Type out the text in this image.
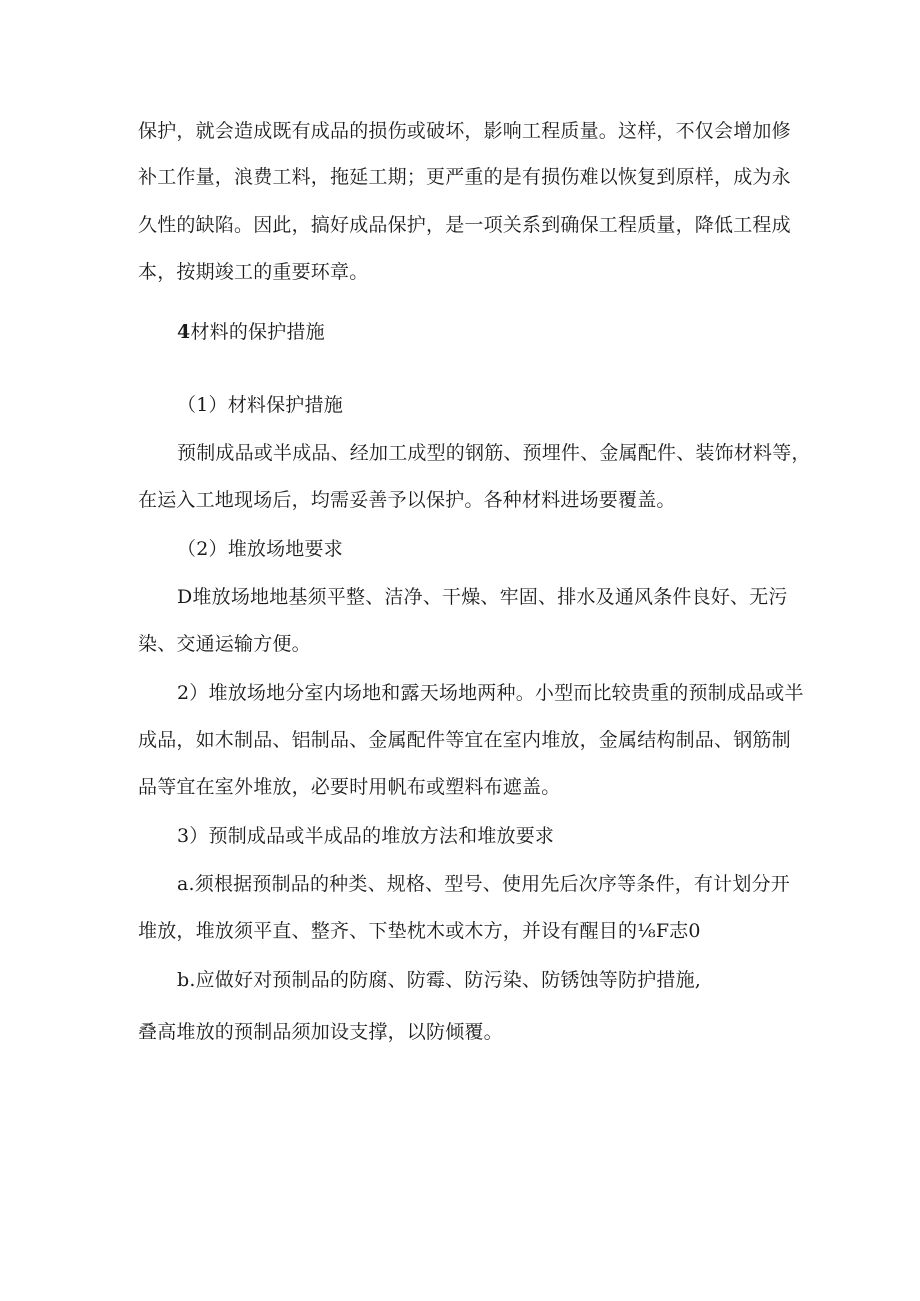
保护，就会造成既有成品的损伤或破坏，影响工程质量。这样，不仅会增加修
补工作量，浪费工料，拖延工期；更严重的是有损伤难以恢复到原样，成为永
久性的缺陷。因此，搞好成品保护，是一项关系到确保工程质量，降低工程成
本，按期竣工的重要环章。
4材料的保护措施
（1）材料保护措施
预制成品或半成品、经加工成型的钢筋、预埋件、金属配件、装饰材料等，
在运入工地现场后，均需妥善予以保护。各种材料进场要覆盖。
（2）堆放场地要求
D堆放场地地基须平整、洁净、干燥、牢固、排水及通风条件良好、无污
染、交通运输方便。
2）堆放场地分室内场地和露天场地两种。小型而比较贵重的预制成品或半
成品，如木制品、铝制品、金属配件等宜在室内堆放，金属结构制品、钢筋制
品等宜在室外堆放，必要时用帆布或塑料布遮盖。
3）预制成品或半成品的堆放方法和堆放要求
a.须根据预制品的种类、规格、型号、使用先后次序等条件，有计划分开
堆放，堆放须平直、整齐、下垫枕木或木方，并设有醒目的⅛F志0
b.应做好对预制品的防腐、防霉、防污染、防锈蚀等防护措施,
叠高堆放的预制品须加设支撑，以防倾覆。
